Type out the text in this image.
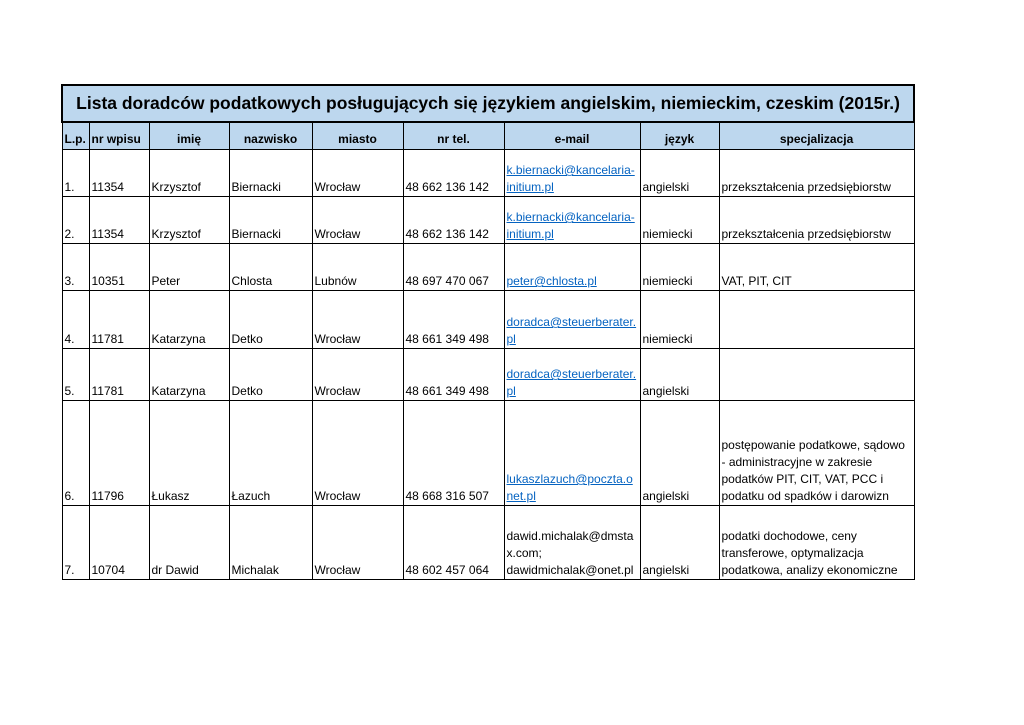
Lista doradców podatkowych posługujących się językiem angielskim, niemieckim, czeskim (2015r.)								
L.p.	nr wpisu	imię	nazwisko	miasto	nr tel.	e-mail	język	specjalizacja
1.	11354	Krzysztof	Biernacki	Wrocław	48 662 136 142	k.biernacki@kancelaria-initium.pl	angielski	przekształcenia przedsiębiorstw
2.	11354	Krzysztof	Biernacki	Wrocław	48 662 136 142	k.biernacki@kancelaria-initium.pl	niemiecki	przekształcenia przedsiębiorstw
3.	10351	Peter	Chlosta	Lubnów	48 697 470 067	peter@chlosta.pl	niemiecki	VAT, PIT, CIT
4.	11781	Katarzyna	Detko	Wrocław	48 661 349 498	doradca@steuerberater.pl	niemiecki	
5.	11781	Katarzyna	Detko	Wrocław	48 661 349 498	doradca@steuerberater.pl	angielski	
6.	11796	Łukasz	Łazuch	Wrocław	48 668 316 507	lukaszlazuch@poczta.onet.pl	angielski	postępowanie podatkowe, sądowo - administracyjne w zakresie podatków PIT, CIT, VAT, PCC i podatku od spadków i darowizn
7.	10704	dr Dawid	Michalak	Wrocław	48 602 457 064	dawid.michalak@dmstax.com; dawidmichalak@onet.pl	angielski	podatki dochodowe, ceny transferowe, optymalizacja podatkowa, analizy ekonomiczne
